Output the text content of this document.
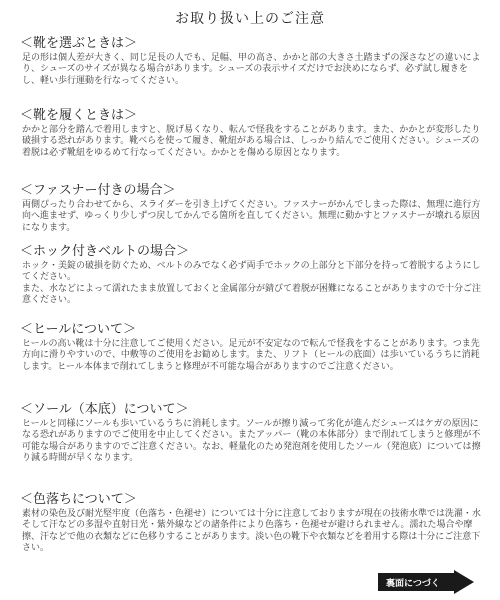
お取り扱い上のご注意

＜靴を選ぶときは＞

足の形は個人差が大きく、同じ足長の人でも、足幅、甲の高さ、かかと部の大きさ土踏まずの深さなどの違いにより、シューズのサイズが異なる場合があります。シューズの表示サイズだけでお決めにならず、必ず試し履きをし、軽い歩行運動を行なってください。

＜靴を履くときは＞

かかと部分を踏んで着用しますと、脱げ易くなり、転んで怪我をすることがあります。また、かかとが変形したり破損する恐れがあります。靴べらを使って履き、靴紐がある場合は、しっかり結んでご使用ください。シューズの着脱は必ず靴紐をゆるめて行なってください。かかとを傷める原因となります。

＜ファスナー付きの場合＞

両側ぴったり合わせてから、スライダーを引き上げてください。ファスナーがかんでしまった際は、無理に進行方向へ進ませず、ゆっくり少しずつ戻してかんでる箇所を直してください。無理に動かすとファスナーが壊れる原因になります。

＜ホック付きベルトの場合＞

ホック・美錠の破損を防ぐため、ベルトのみでなく必ず両手でホックの上部分と下部分を持って着脱するようにしてください。
また、水などによって濡れたまま放置しておくと金属部分が錆びて着脱が困難になることがありますので十分ご注意ください。

＜ヒールについて＞

ヒールの高い靴は十分に注意してご使用ください。足元が不安定なので転んで怪我をすることがあります。つま先方向に滑りやすいので、中敷等のご使用をお勧めします。また、リフト（ヒールの底面）は歩いているうちに消耗します。ヒール本体まで削れてしまうと修理が不可能な場合がありますのでご注意ください。

＜ソール（本底）について＞

ヒールと同様にソールも歩いているうちに消耗します。ソールが擦り減って劣化が進んだシューズはケガの原因になる恐れがありますのでご使用を中止してください。またアッパー（靴の本体部分）まで削れてしまうと修理が不可能な場合がありますのでご注意ください。なお、軽量化のため発泡剤を使用したソール（発泡底）については擦り減る時間が早くなります。

＜色落ちについて＞

素材の染色及び耐光堅牢度（色落ち・色褪せ）については十分に注意しておりますが現在の技術水準では洗濯・水そして汗などの多湿や直射日光・紫外線などの諸条件により色落ち・色褪せが避けられません。濡れた場合や摩擦、汗などで他の衣類などに色移りすることがあります。淡い色の靴下や衣類などを着用する際は十分にご注意下さい。

裏面につづく
